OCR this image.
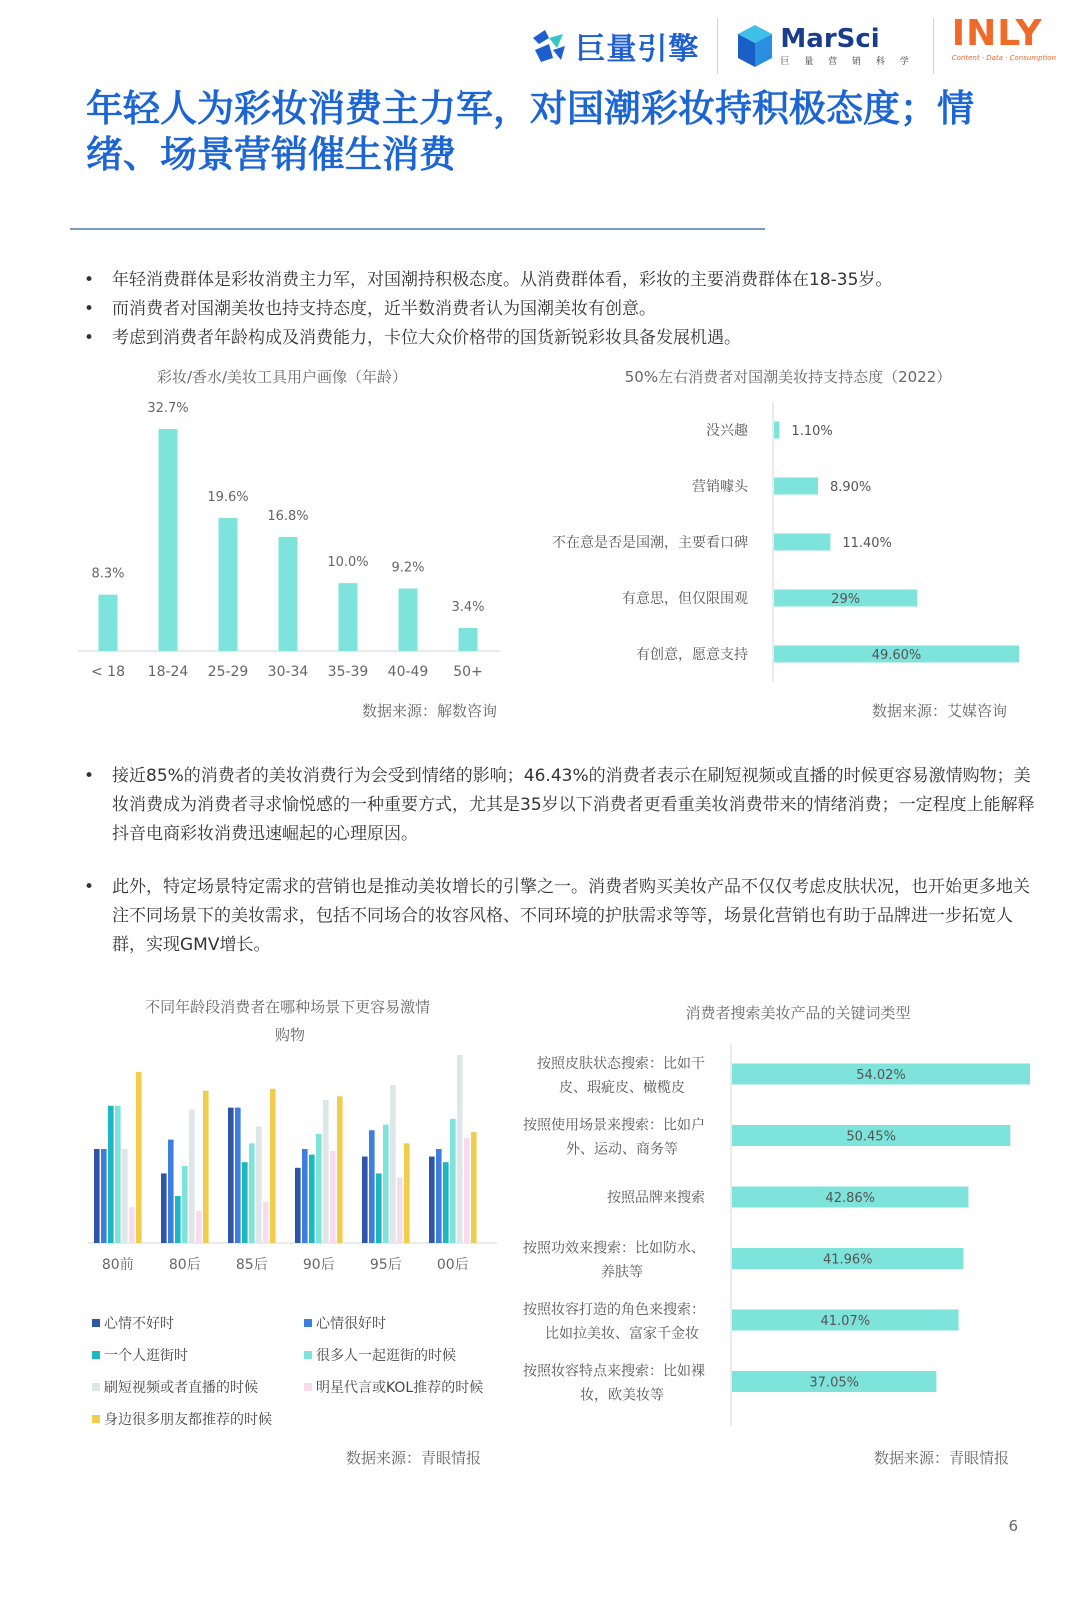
巨量引擎	MarSci
巨 量 营 销 科 学
INLY
Content · Data · Consumption
年轻人为彩妆消费主力军，对国潮彩妆持积极态度；情绪、场景营销催生消费
• 年轻消费群体是彩妆消费主力军，对国潮持积极态度。从消费群体看，彩妆的主要消费群体在18-35岁。
• 而消费者对国潮美妆也持支持态度，近半数消费者认为国潮美妆有创意。
• 考虑到消费者年龄构成及消费能力，卡位大众价格带的国货新锐彩妆具备发展机遇。
彩妆/香水/美妆工具用户画像（年龄）
8.3%
< 18
32.7%
18-24
19.6%
25-29
16.8%
30-34
10.0%
35-39
9.2%
40-49
3.4%
50+
数据来源：解数咨询
50%左右消费者对国潮美妆持支持态度（2022）
没兴趣	1.10%
营销噱头	8.90%
不在意是否是国潮，主要看口碑	11.40%
有意思，但仅限围观	29%
有创意，愿意支持	49.60%
数据来源：艾媒咨询
• 接近85%的消费者的美妆消费行为会受到情绪的影响；46.43%的消费者表示在刷短视频或直播的时候更容易激情购物；美妆消费成为消费者寻求愉悦感的一种重要方式，尤其是35岁以下消费者更看重美妆消费带来的情绪消费；一定程度上能解释抖音电商彩妆消费迅速崛起的心理原因。
• 此外，特定场景特定需求的营销也是推动美妆增长的引擎之一。消费者购买美妆产品不仅仅考虑皮肤状况，也开始更多地关注不同场景下的美妆需求，包括不同场合的妆容风格、不同环境的护肤需求等等，场景化营销也有助于品牌进一步拓宽人群，实现GMV增长。
不同年龄段消费者在哪种场景下更容易激情 购物
80前	80后	85后	90后	95后	00后
心情不好时	心情很好时
一个人逛街时	很多人一起逛街的时候
刷短视频或者直播的时候	明星代言或KOL推荐的时候
身边很多朋友都推荐的时候
数据来源：青眼情报
消费者搜索美妆产品的关键词类型
54.02%
按照皮肤状态搜索：比如干皮、瑕疵皮、橄榄皮
50.45%
按照使用场景来搜索：比如户外、运动、商务等
42.86%
按照品牌来搜索
41.96%
按照功效来搜索：比如防水、养肤等
41.07%
按照妆容打造的角色来搜索：比如拉美妆、富家千金妆
37.05%
按照妆容特点来搜索：比如裸妆，欧美妆等
数据来源：青眼情报
6
